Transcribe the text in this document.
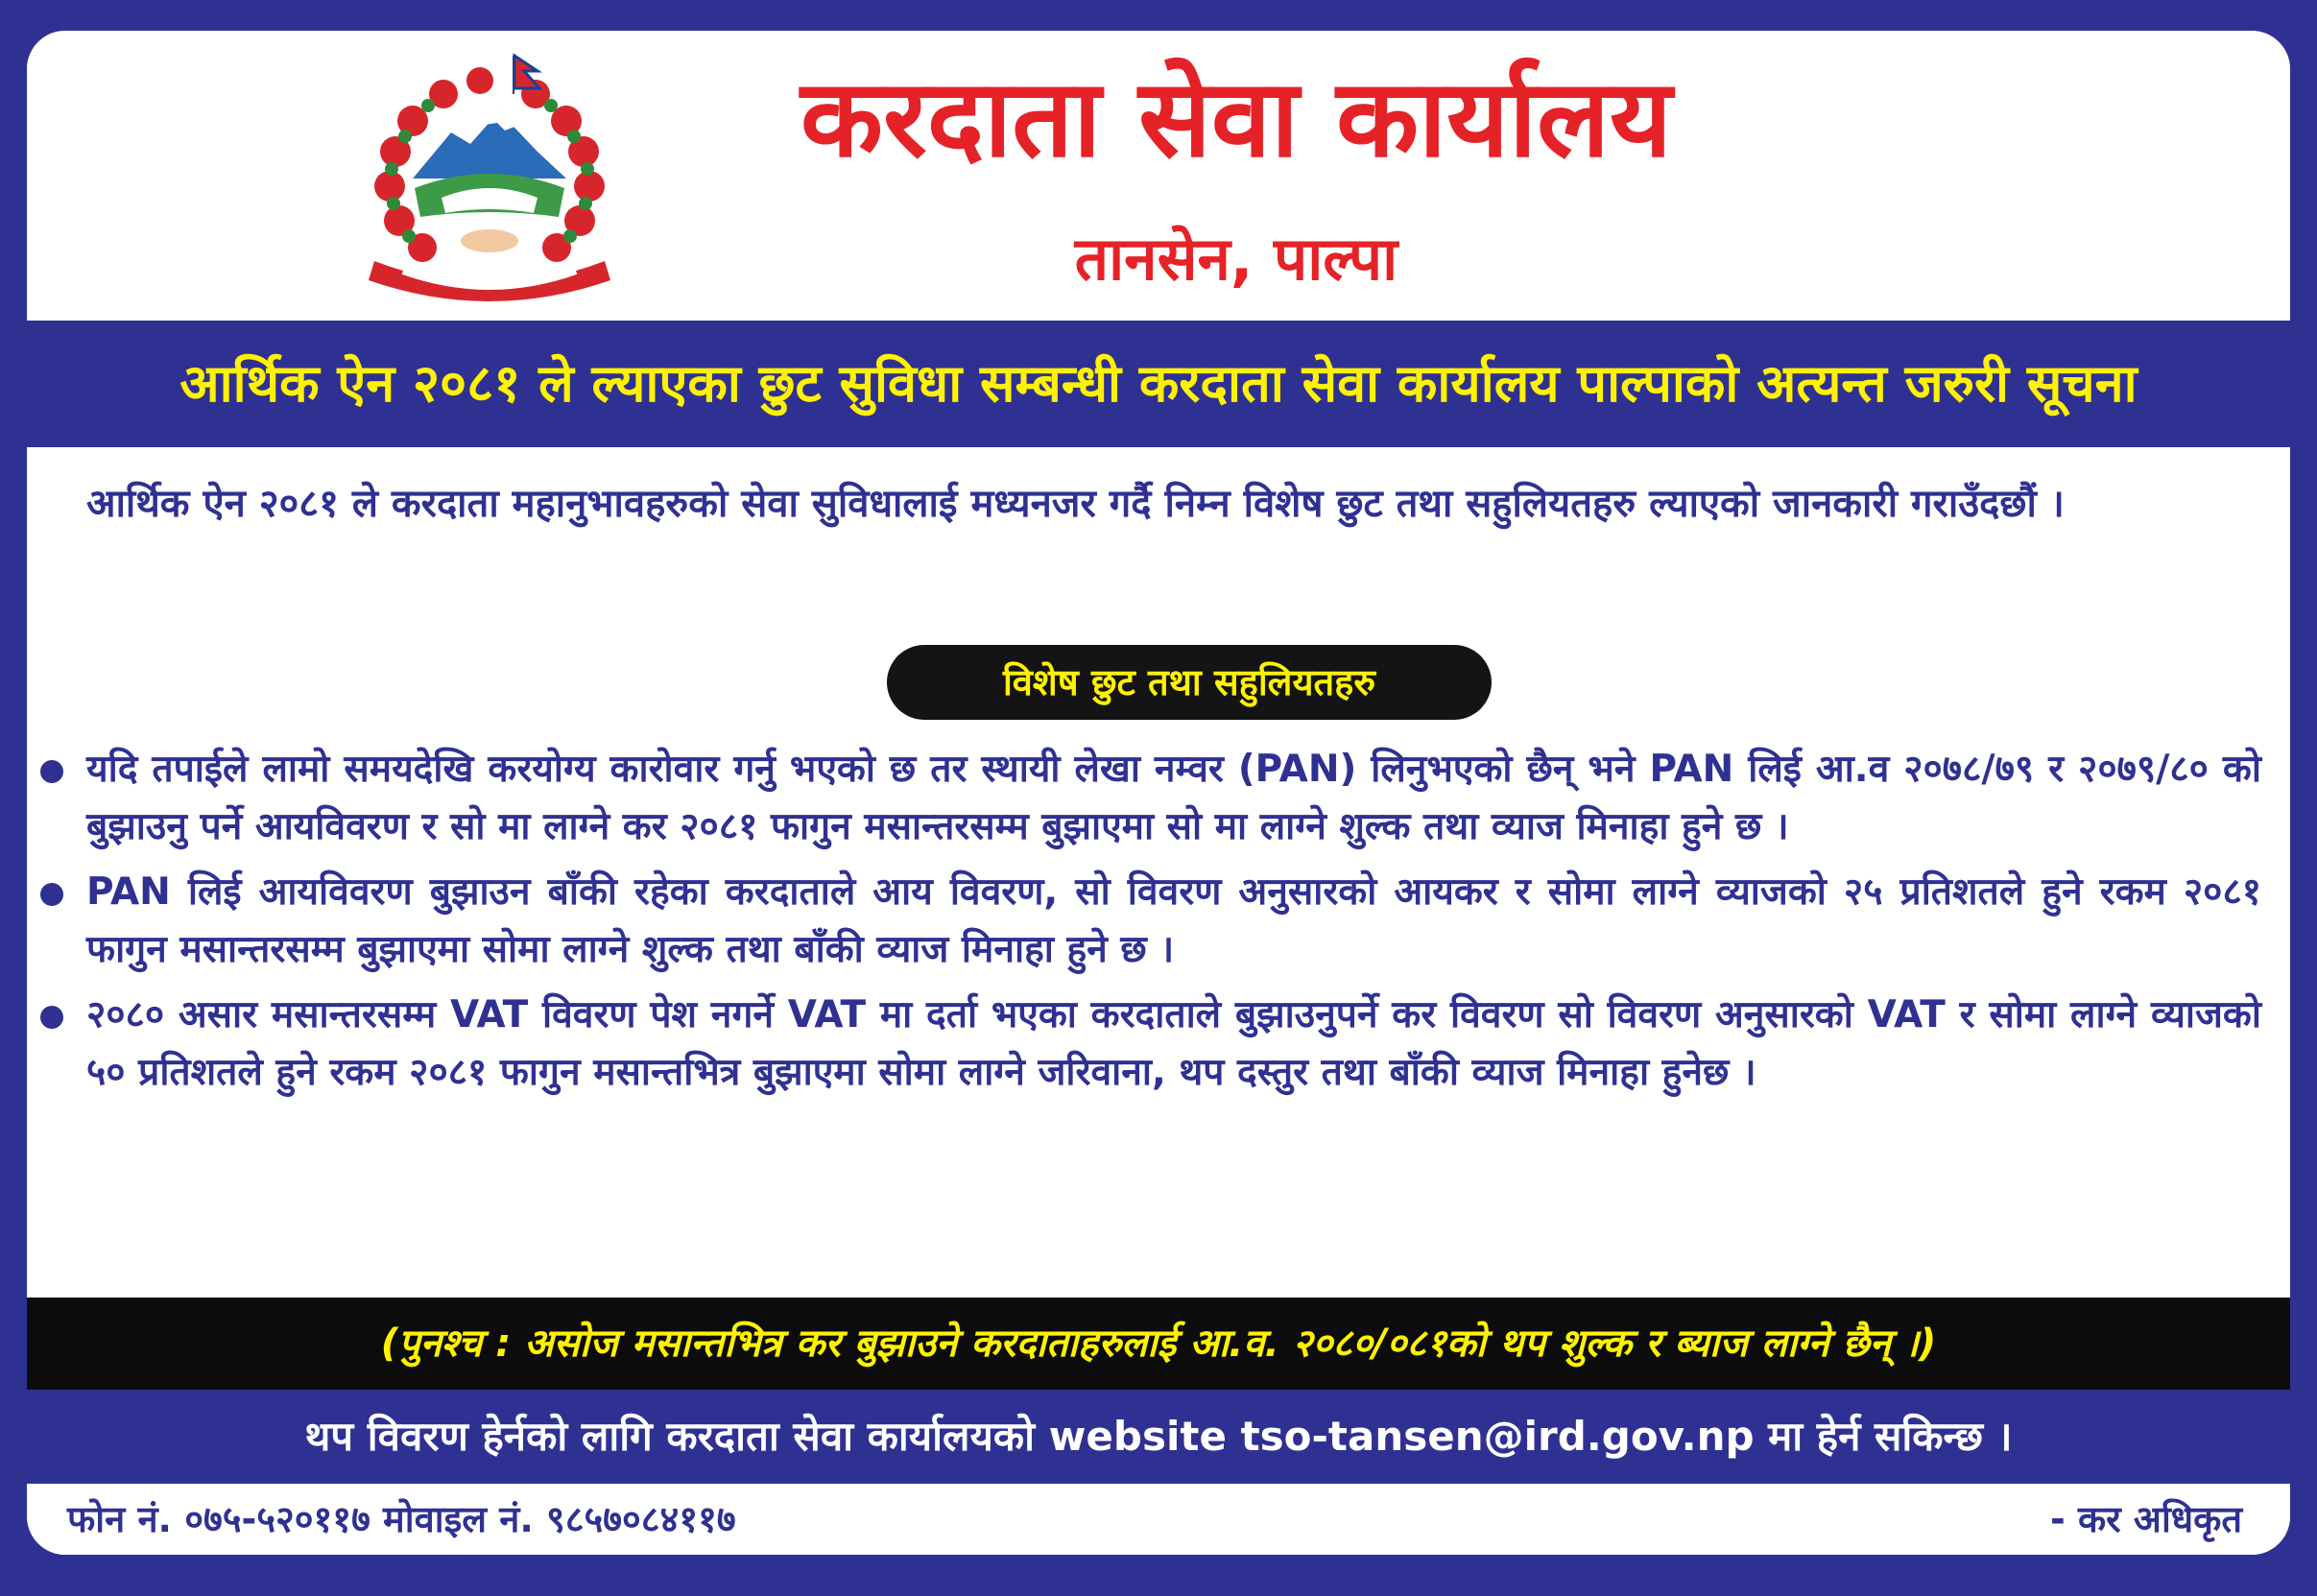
करदाता सेवा कार्यालय
तानसेन, पाल्पा
आर्थिक ऐन २०८१ ले ल्याएका छुट सुविधा सम्बन्धी करदाता सेवा कार्यालय पाल्पाको अत्यन्त जरुरी सूचना
आर्थिक ऐन २०८१ ले करदाता महानुभावहरुको सेवा सुविधालाई मध्यनजर गर्दै निम्न विशेष छुट तथा सहुलियतहरु ल्याएको जानकारी गराउँदछौं ।
विशेष छुट तथा सहुलियतहरु
यदि तपाईले लामो समयदेखि करयोग्य कारोवार गर्नु भएको छ तर स्थायी लेखा नम्वर (PAN) लिनुभएको छैन् भने PAN लिई आ.व २०७८/७९ र २०७९/८० को बुझाउनु पर्ने आयविवरण र सो मा लाग्ने कर २०८१ फागुन मसान्तरसम्म बुझाएमा सो मा लाग्ने शुल्क तथा व्याज मिनाहा हुने छ ।
PAN लिई आयविवरण बुझाउन बाँकी रहेका करदाताले आय विवरण, सो विवरण अनुसारको आयकर र सोमा लाग्ने व्याजको २५ प्रतिशतले हुने रकम २०८१ फागुन मसान्तरसम्म बुझाएमा सोमा लाग्ने शुल्क तथा बाँकी व्याज मिनाहा हुने छ ।
२०८० असार मसान्तरसम्म VAT विवरण पेश नगर्ने VAT मा दर्ता भएका करदाताले बुझाउनुपर्ने कर विवरण सो विवरण अनुसारको VAT र सोमा लाग्ने व्याजको ५० प्रतिशतले हुने रकम २०८१ फागुन मसान्तभित्र बुझाएमा सोमा लाग्ने जरिवाना, थप दस्तुर तथा बाँकी व्याज मिनाहा हुनेछ ।
(पुनश्च : असोज मसान्तभित्र कर बुझाउने करदाताहरुलाई आ.व. २०८०/०८१को थप शुल्क र ब्याज लाग्ने छैन् ।)
थप विवरण हेर्नको लागि करदाता सेवा कार्यालयको website tso-tansen@ird.gov.np मा हेर्न सकिन्छ ।
फोन नं. ०७५-५२०११७ मोवाइल नं. ९८५७०८४११७	- कर अधिकृत
